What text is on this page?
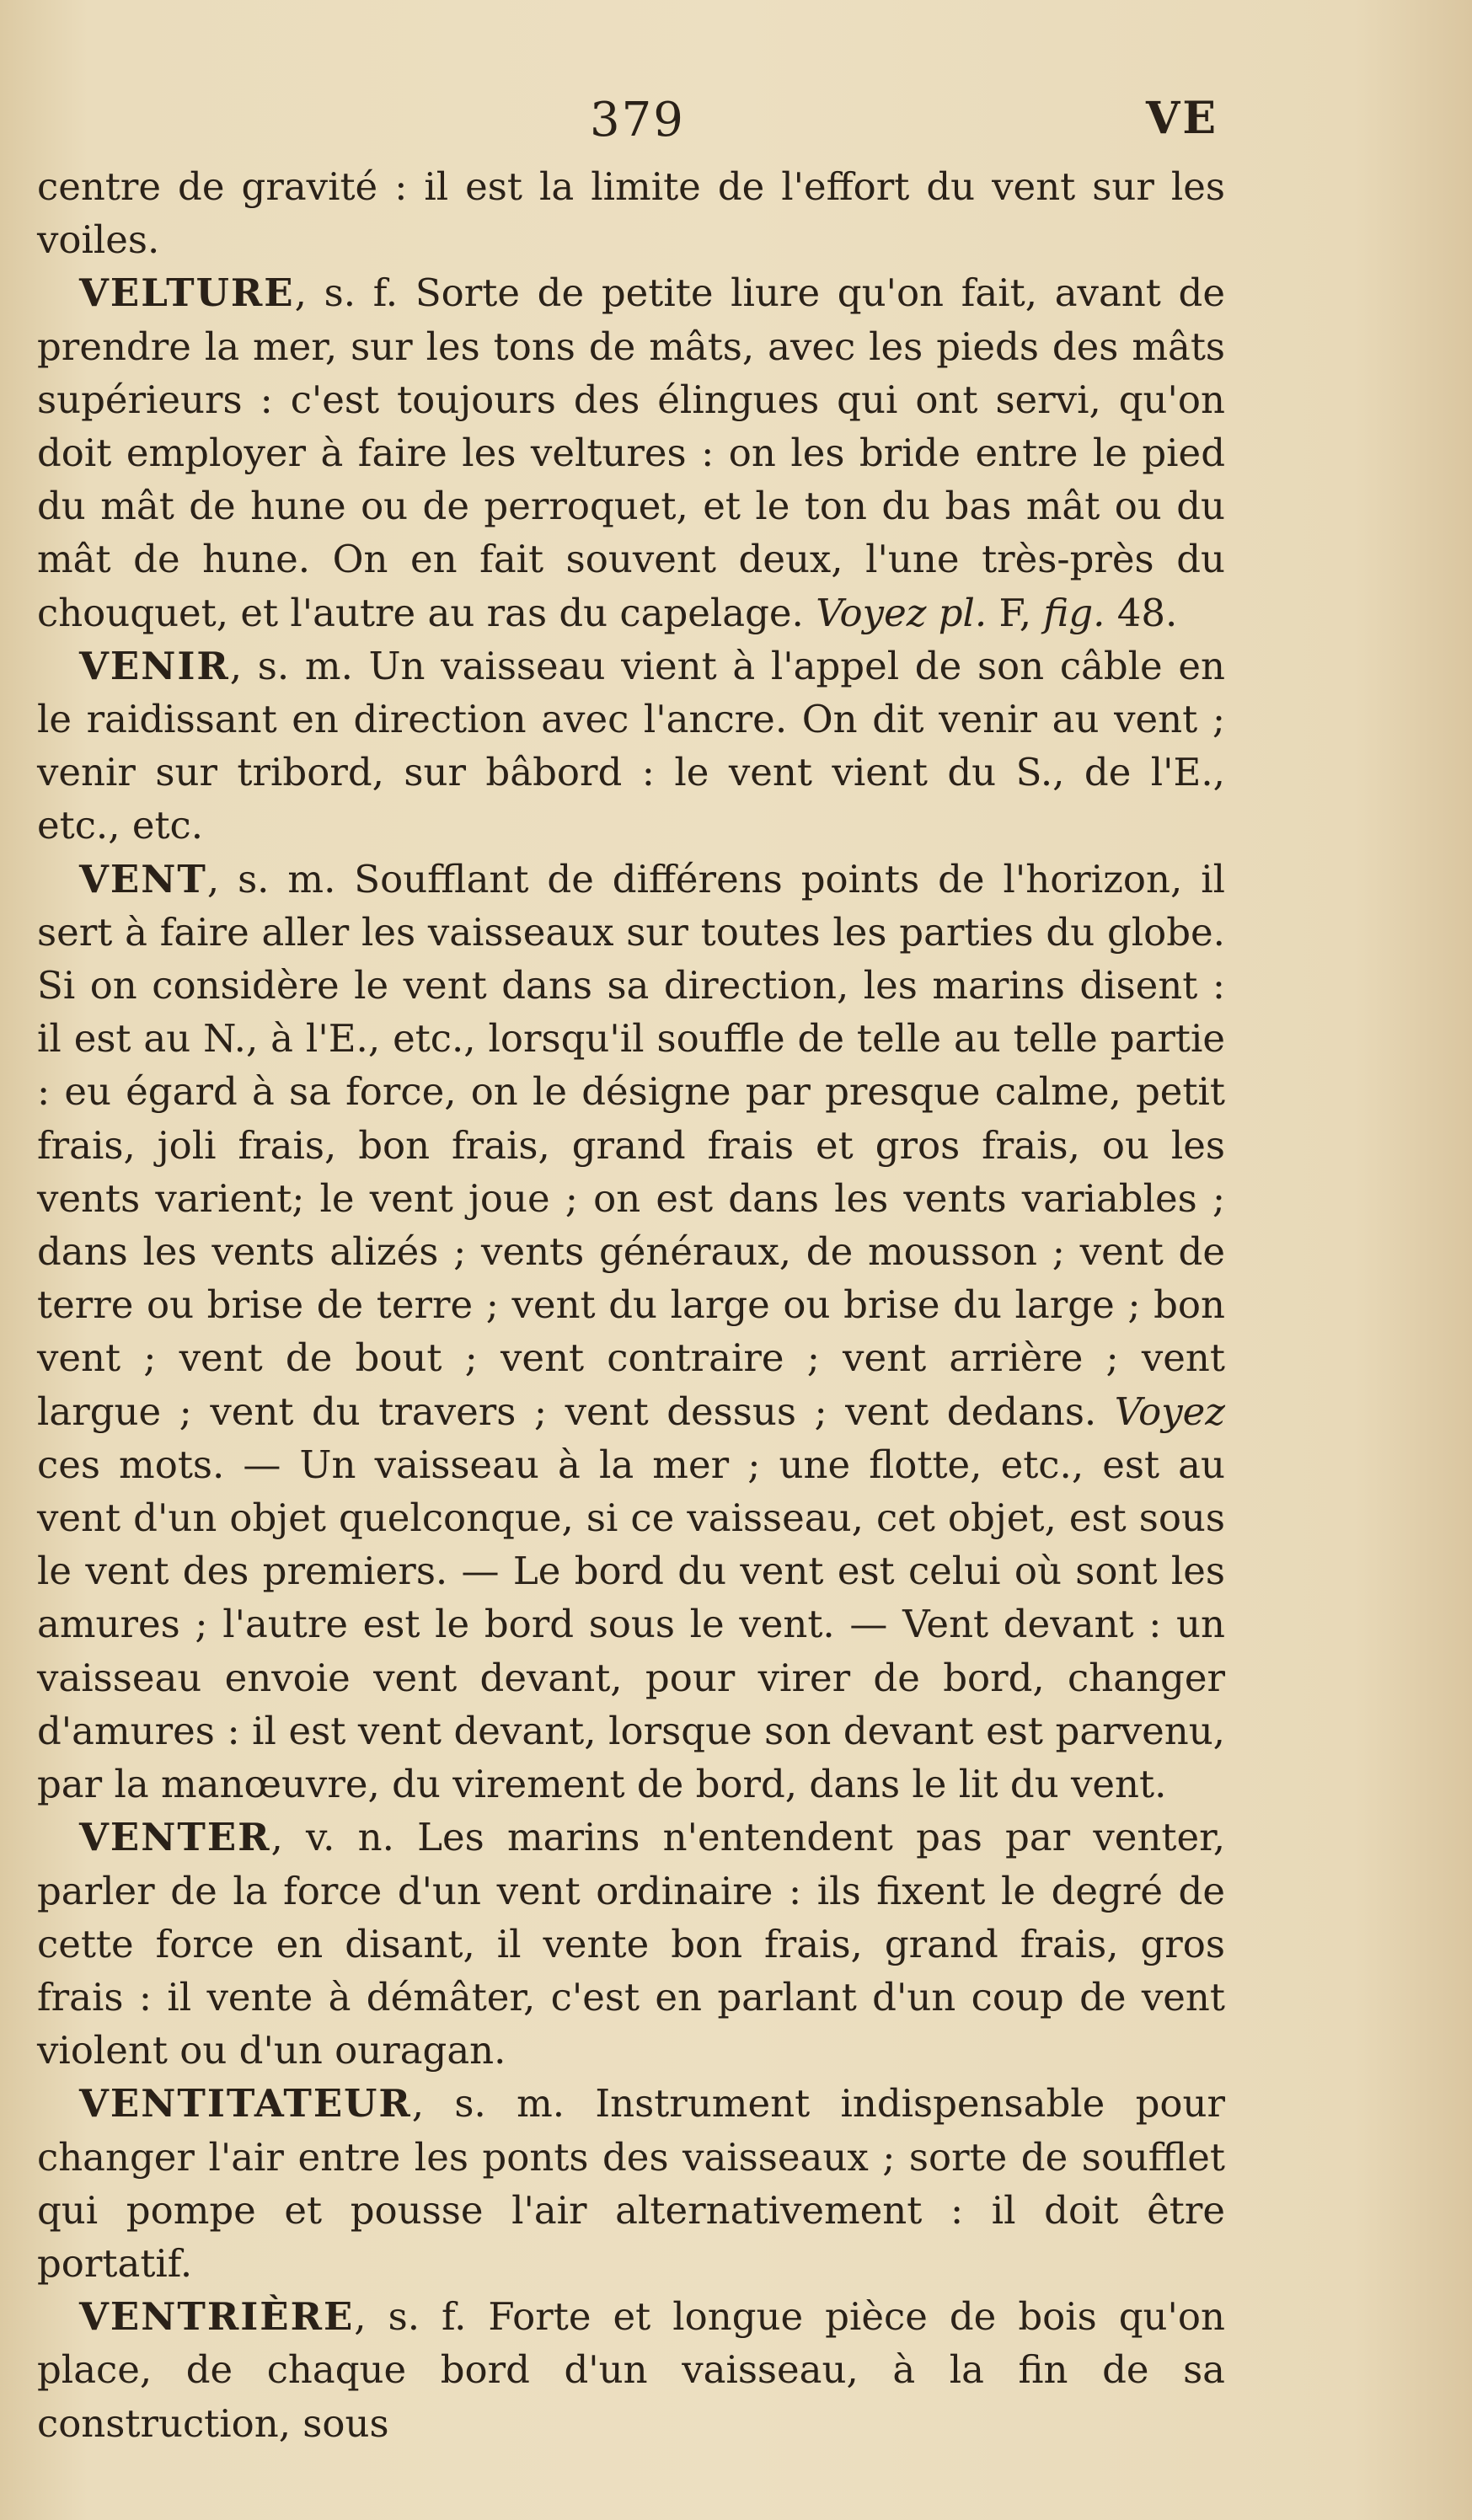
379	VE

centre de gravité : il est la limite de l'effort du vent sur les voiles.

VELTURE, s. f. Sorte de petite liure qu'on fait, avant de prendre la mer, sur les tons de mâts, avec les pieds des mâts supérieurs : c'est toujours des élingues qui ont servi, qu'on doit employer à faire les veltures : on les bride entre le pied du mât de hune ou de perroquet, et le ton du bas mât ou du mât de hune. On en fait souvent deux, l'une très-près du chouquet, et l'autre au ras du capelage. Voyez pl. F, fig. 48.

VENIR, s. m. Un vaisseau vient à l'appel de son câble en le raidissant en direction avec l'ancre. On dit venir au vent ; venir sur tribord, sur bâbord : le vent vient du S., de l'E., etc., etc.

VENT, s. m. Soufflant de différens points de l'horizon, il sert à faire aller les vaisseaux sur toutes les parties du globe. Si on considère le vent dans sa direction, les marins disent : il est au N., à l'E., etc., lorsqu'il souffle de telle au telle partie : eu égard à sa force, on le désigne par presque calme, petit frais, joli frais, bon frais, grand frais et gros frais, ou les vents varient; le vent joue ; on est dans les vents variables ; dans les vents alizés ; vents généraux, de mousson ; vent de terre ou brise de terre ; vent du large ou brise du large ; bon vent ; vent de bout ; vent contraire ; vent arrière ; vent largue ; vent du travers ; vent dessus ; vent dedans. Voyez ces mots. — Un vaisseau à la mer ; une flotte, etc., est au vent d'un objet quelconque, si ce vaisseau, cet objet, est sous le vent des premiers. — Le bord du vent est celui où sont les amures ; l'autre est le bord sous le vent. — Vent devant : un vaisseau envoie vent devant, pour virer de bord, changer d'amures : il est vent devant, lorsque son devant est parvenu, par la manœuvre, du virement de bord, dans le lit du vent.

VENTER, v. n. Les marins n'entendent pas par venter, parler de la force d'un vent ordinaire : ils fixent le degré de cette force en disant, il vente bon frais, grand frais, gros frais : il vente à démâter, c'est en parlant d'un coup de vent violent ou d'un ouragan.

VENTITATEUR, s. m. Instrument indispensable pour changer l'air entre les ponts des vaisseaux ; sorte de soufflet qui pompe et pousse l'air alternativement : il doit être portatif.

VENTRIÈRE, s. f. Forte et longue pièce de bois qu'on place, de chaque bord d'un vaisseau, à la fin de sa construction, sous
